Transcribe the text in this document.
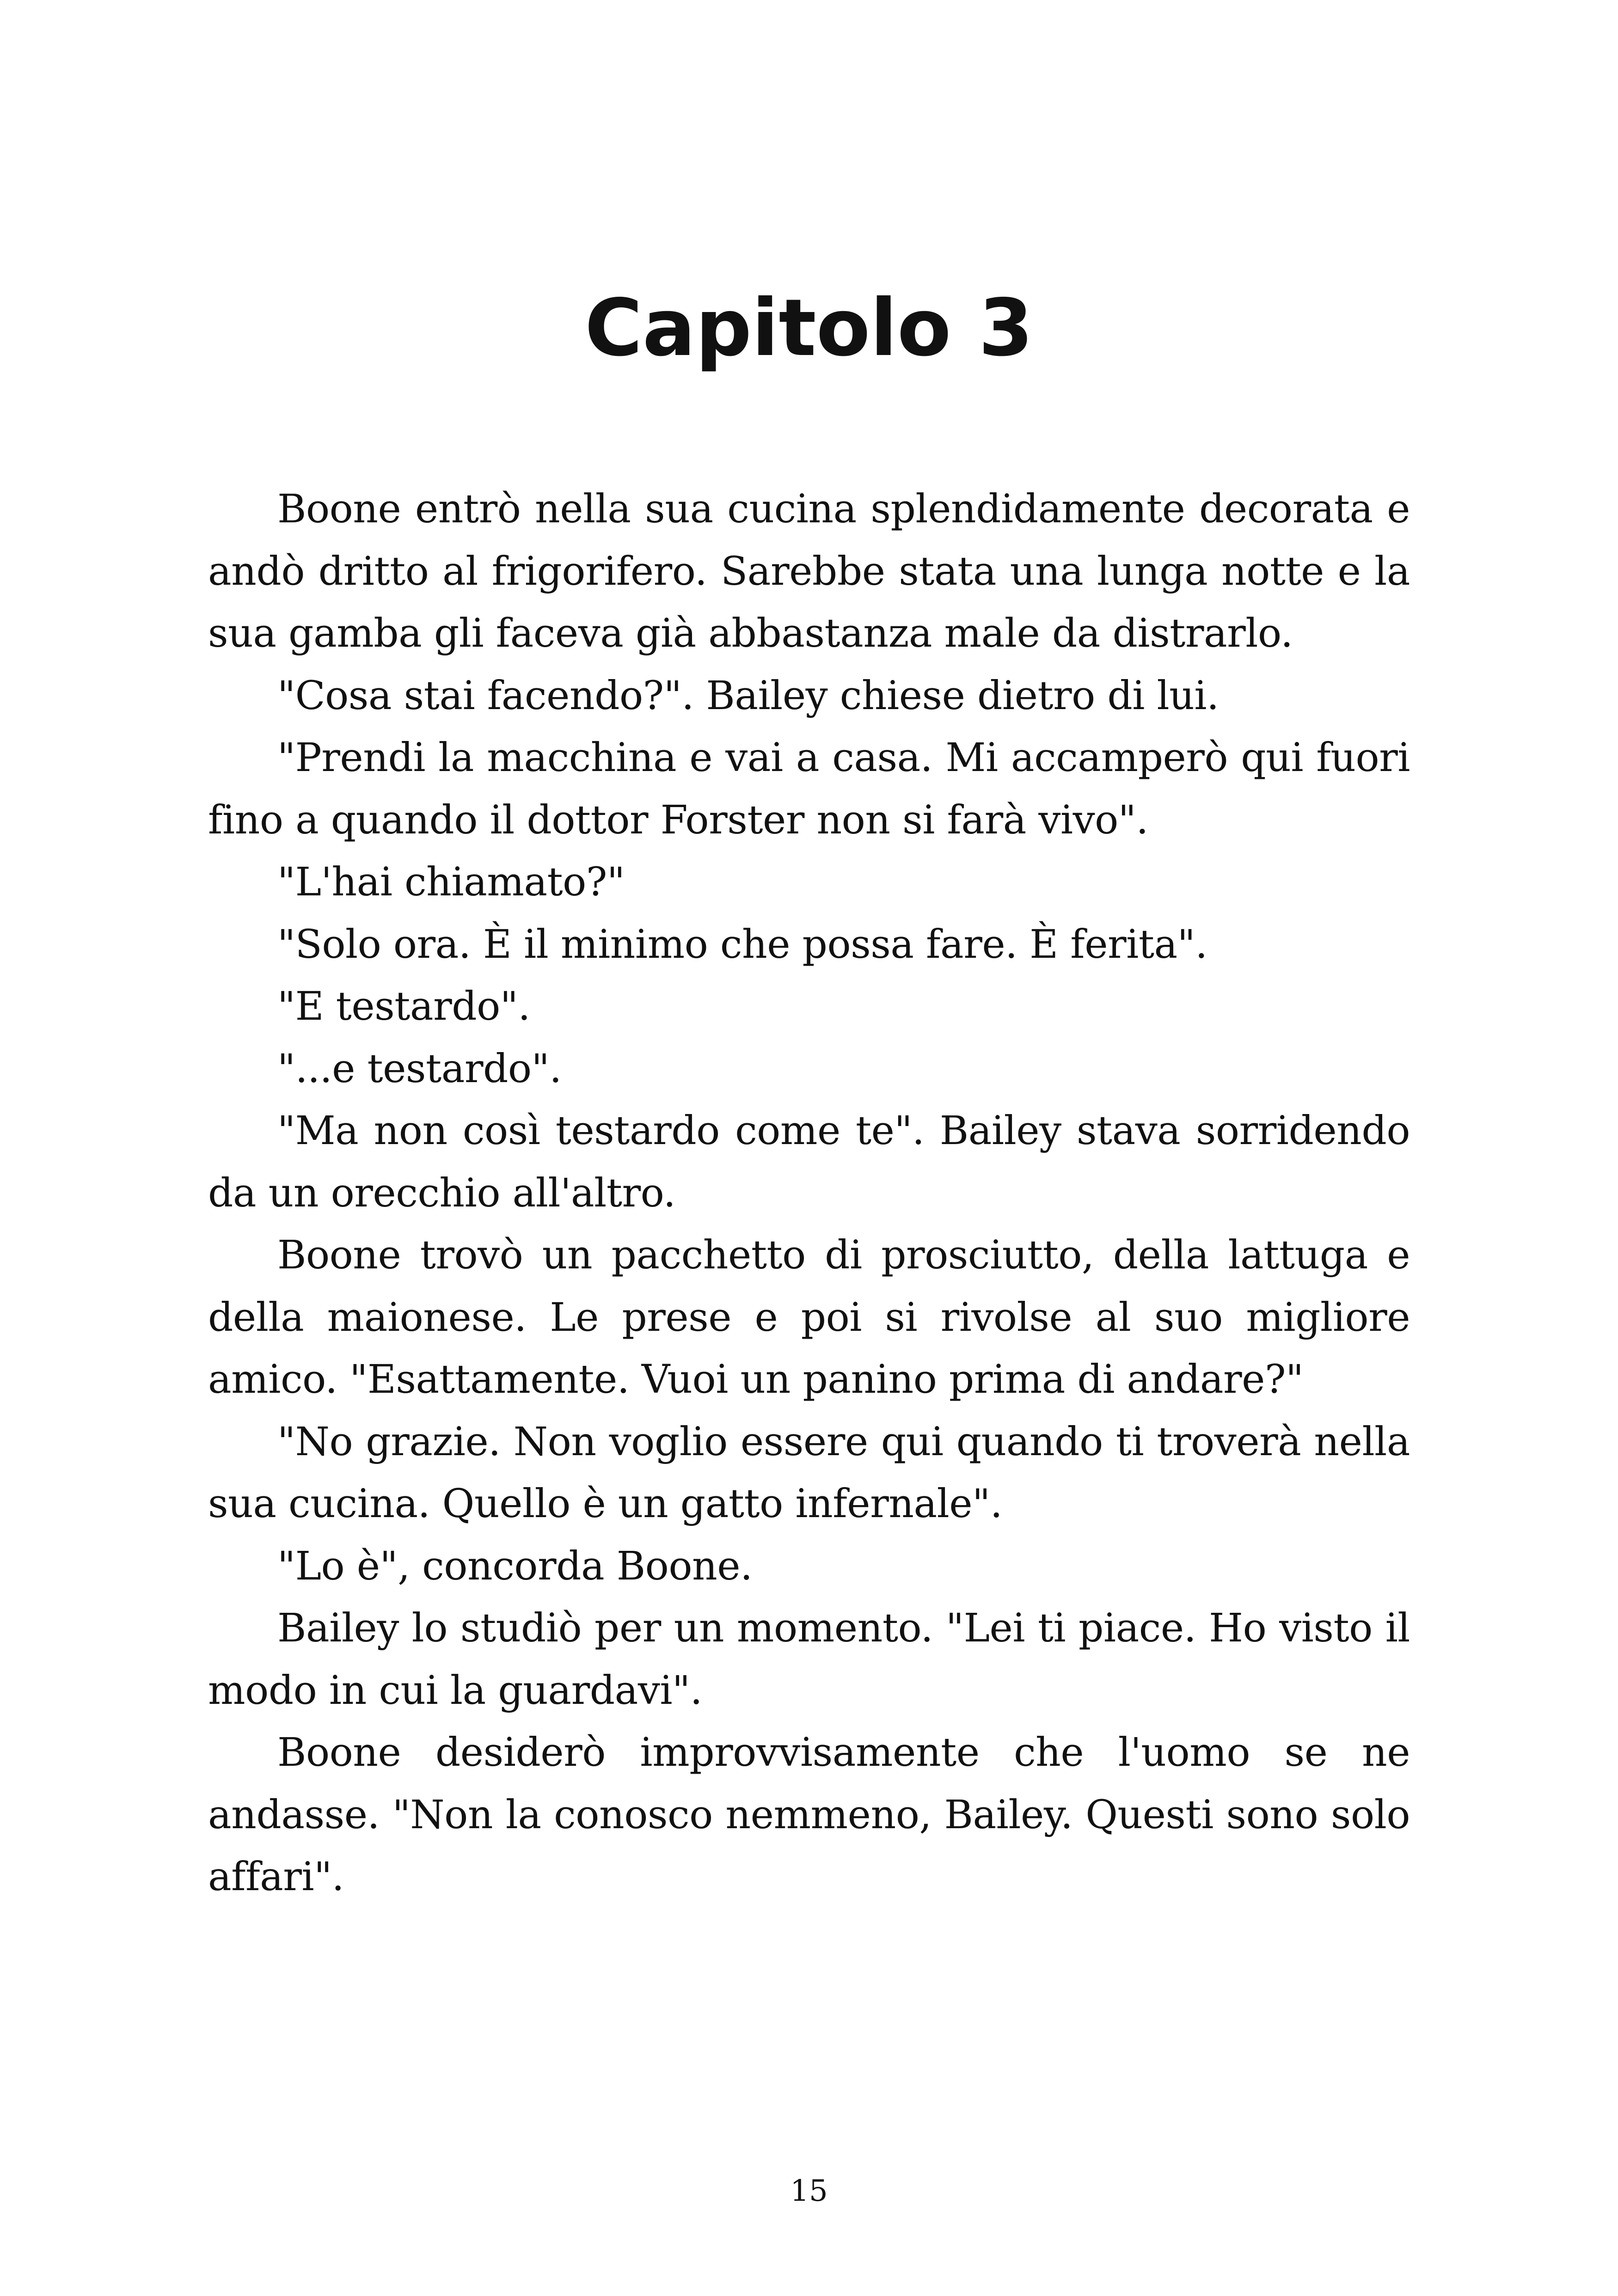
Capitolo 3

Boone entrò nella sua cucina splendidamente decorata e andò dritto al frigorifero. Sarebbe stata una lunga notte e la sua gamba gli faceva già abbastanza male da distrarlo.

"Cosa stai facendo?". Bailey chiese dietro di lui.

"Prendi la macchina e vai a casa. Mi accamperò qui fuori fino a quando il dottor Forster non si farà vivo".

"L'hai chiamato?"

"Solo ora. È il minimo che possa fare. È ferita".

"E testardo".

"...e testardo".

"Ma non così testardo come te". Bailey stava sorridendo da un orecchio all'altro.

Boone trovò un pacchetto di prosciutto, della lattuga e della maionese. Le prese e poi si rivolse al suo migliore amico. "Esattamente. Vuoi un panino prima di andare?"

"No grazie. Non voglio essere qui quando ti troverà nella sua cucina. Quello è un gatto infernale".

"Lo è", concorda Boone.

Bailey lo studiò per un momento. "Lei ti piace. Ho visto il modo in cui la guardavi".

Boone desiderò improvvisamente che l'uomo se ne andasse. "Non la conosco nemmeno, Bailey. Questi sono solo affari".

15
